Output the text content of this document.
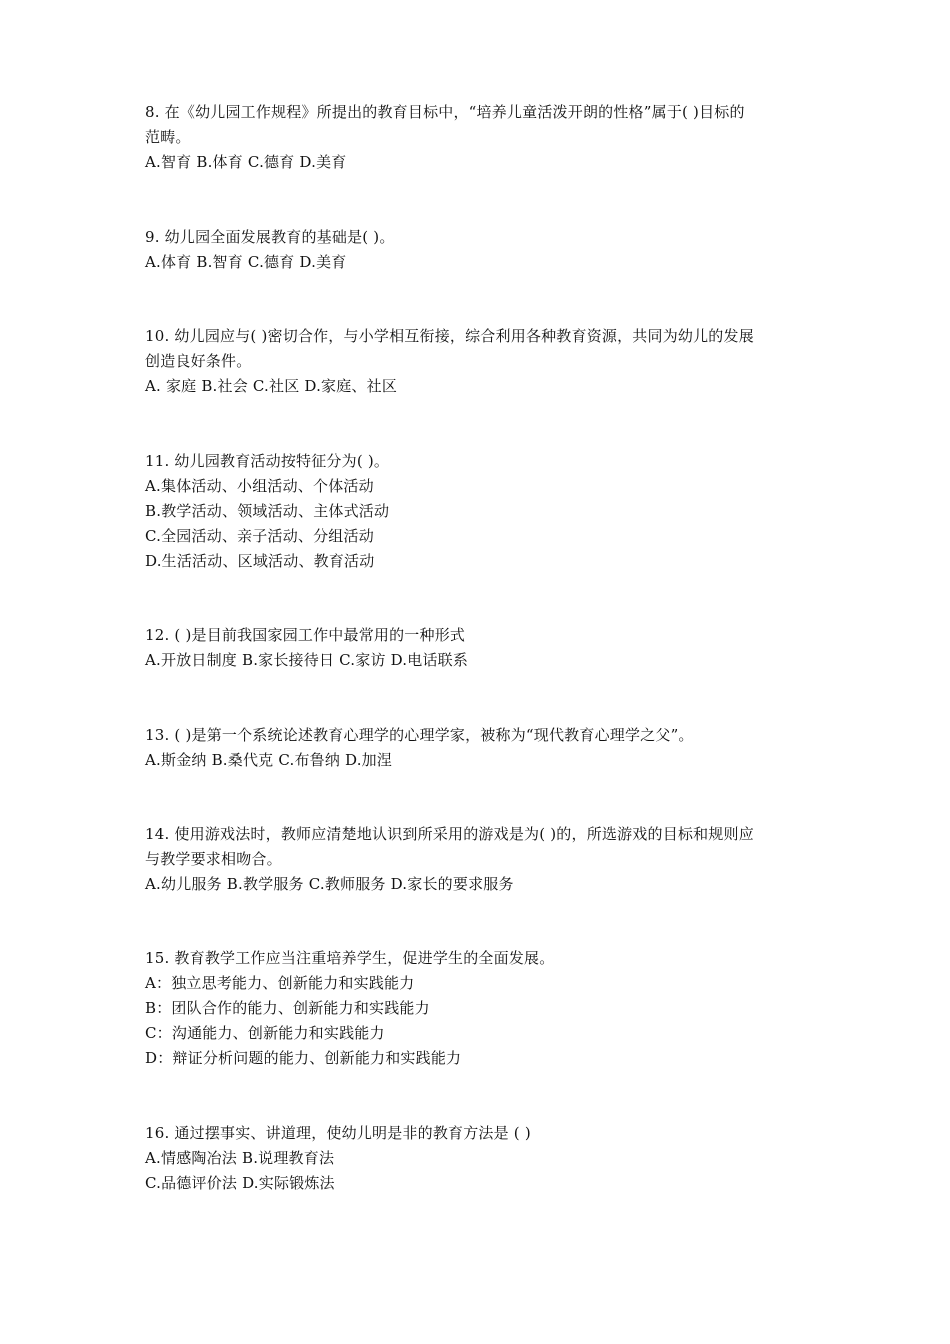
8. 在《幼儿园工作规程》所提出的教育目标中，“培养儿童活泼开朗的性格”属于( )目标的
范畴。
A.智育 B.体育 C.德育 D.美育
9. 幼儿园全面发展教育的基础是( )。
A.体育 B.智育 C.德育 D.美育
10. 幼儿园应与( )密切合作，与小学相互衔接，综合利用各种教育资源，共同为幼儿的发展
创造良好条件。
A. 家庭 B.社会 C.社区 D.家庭、社区
11. 幼儿园教育活动按特征分为( )。
A.集体活动、小组活动、个体活动
B.教学活动、领域活动、主体式活动
C.全园活动、亲子活动、分组活动
D.生活活动、区域活动、教育活动
12. ( )是目前我国家园工作中最常用的一种形式
A.开放日制度 B.家长接待日 C.家访 D.电话联系
13. ( )是第一个系统论述教育心理学的心理学家，被称为“现代教育心理学之父”。
A.斯金纳 B.桑代克 C.布鲁纳 D.加涅
14. 使用游戏法时，教师应清楚地认识到所采用的游戏是为( )的，所选游戏的目标和规则应
与教学要求相吻合。
A.幼儿服务 B.教学服务 C.教师服务 D.家长的要求服务
15. 教育教学工作应当注重培养学生，促进学生的全面发展。
A：独立思考能力、创新能力和实践能力
B：团队合作的能力、创新能力和实践能力
C：沟通能力、创新能力和实践能力
D：辩证分析问题的能力、创新能力和实践能力
16. 通过摆事实、讲道理，使幼儿明是非的教育方法是 ( )
A.情感陶冶法 B.说理教育法
C.品德评价法 D.实际锻炼法
